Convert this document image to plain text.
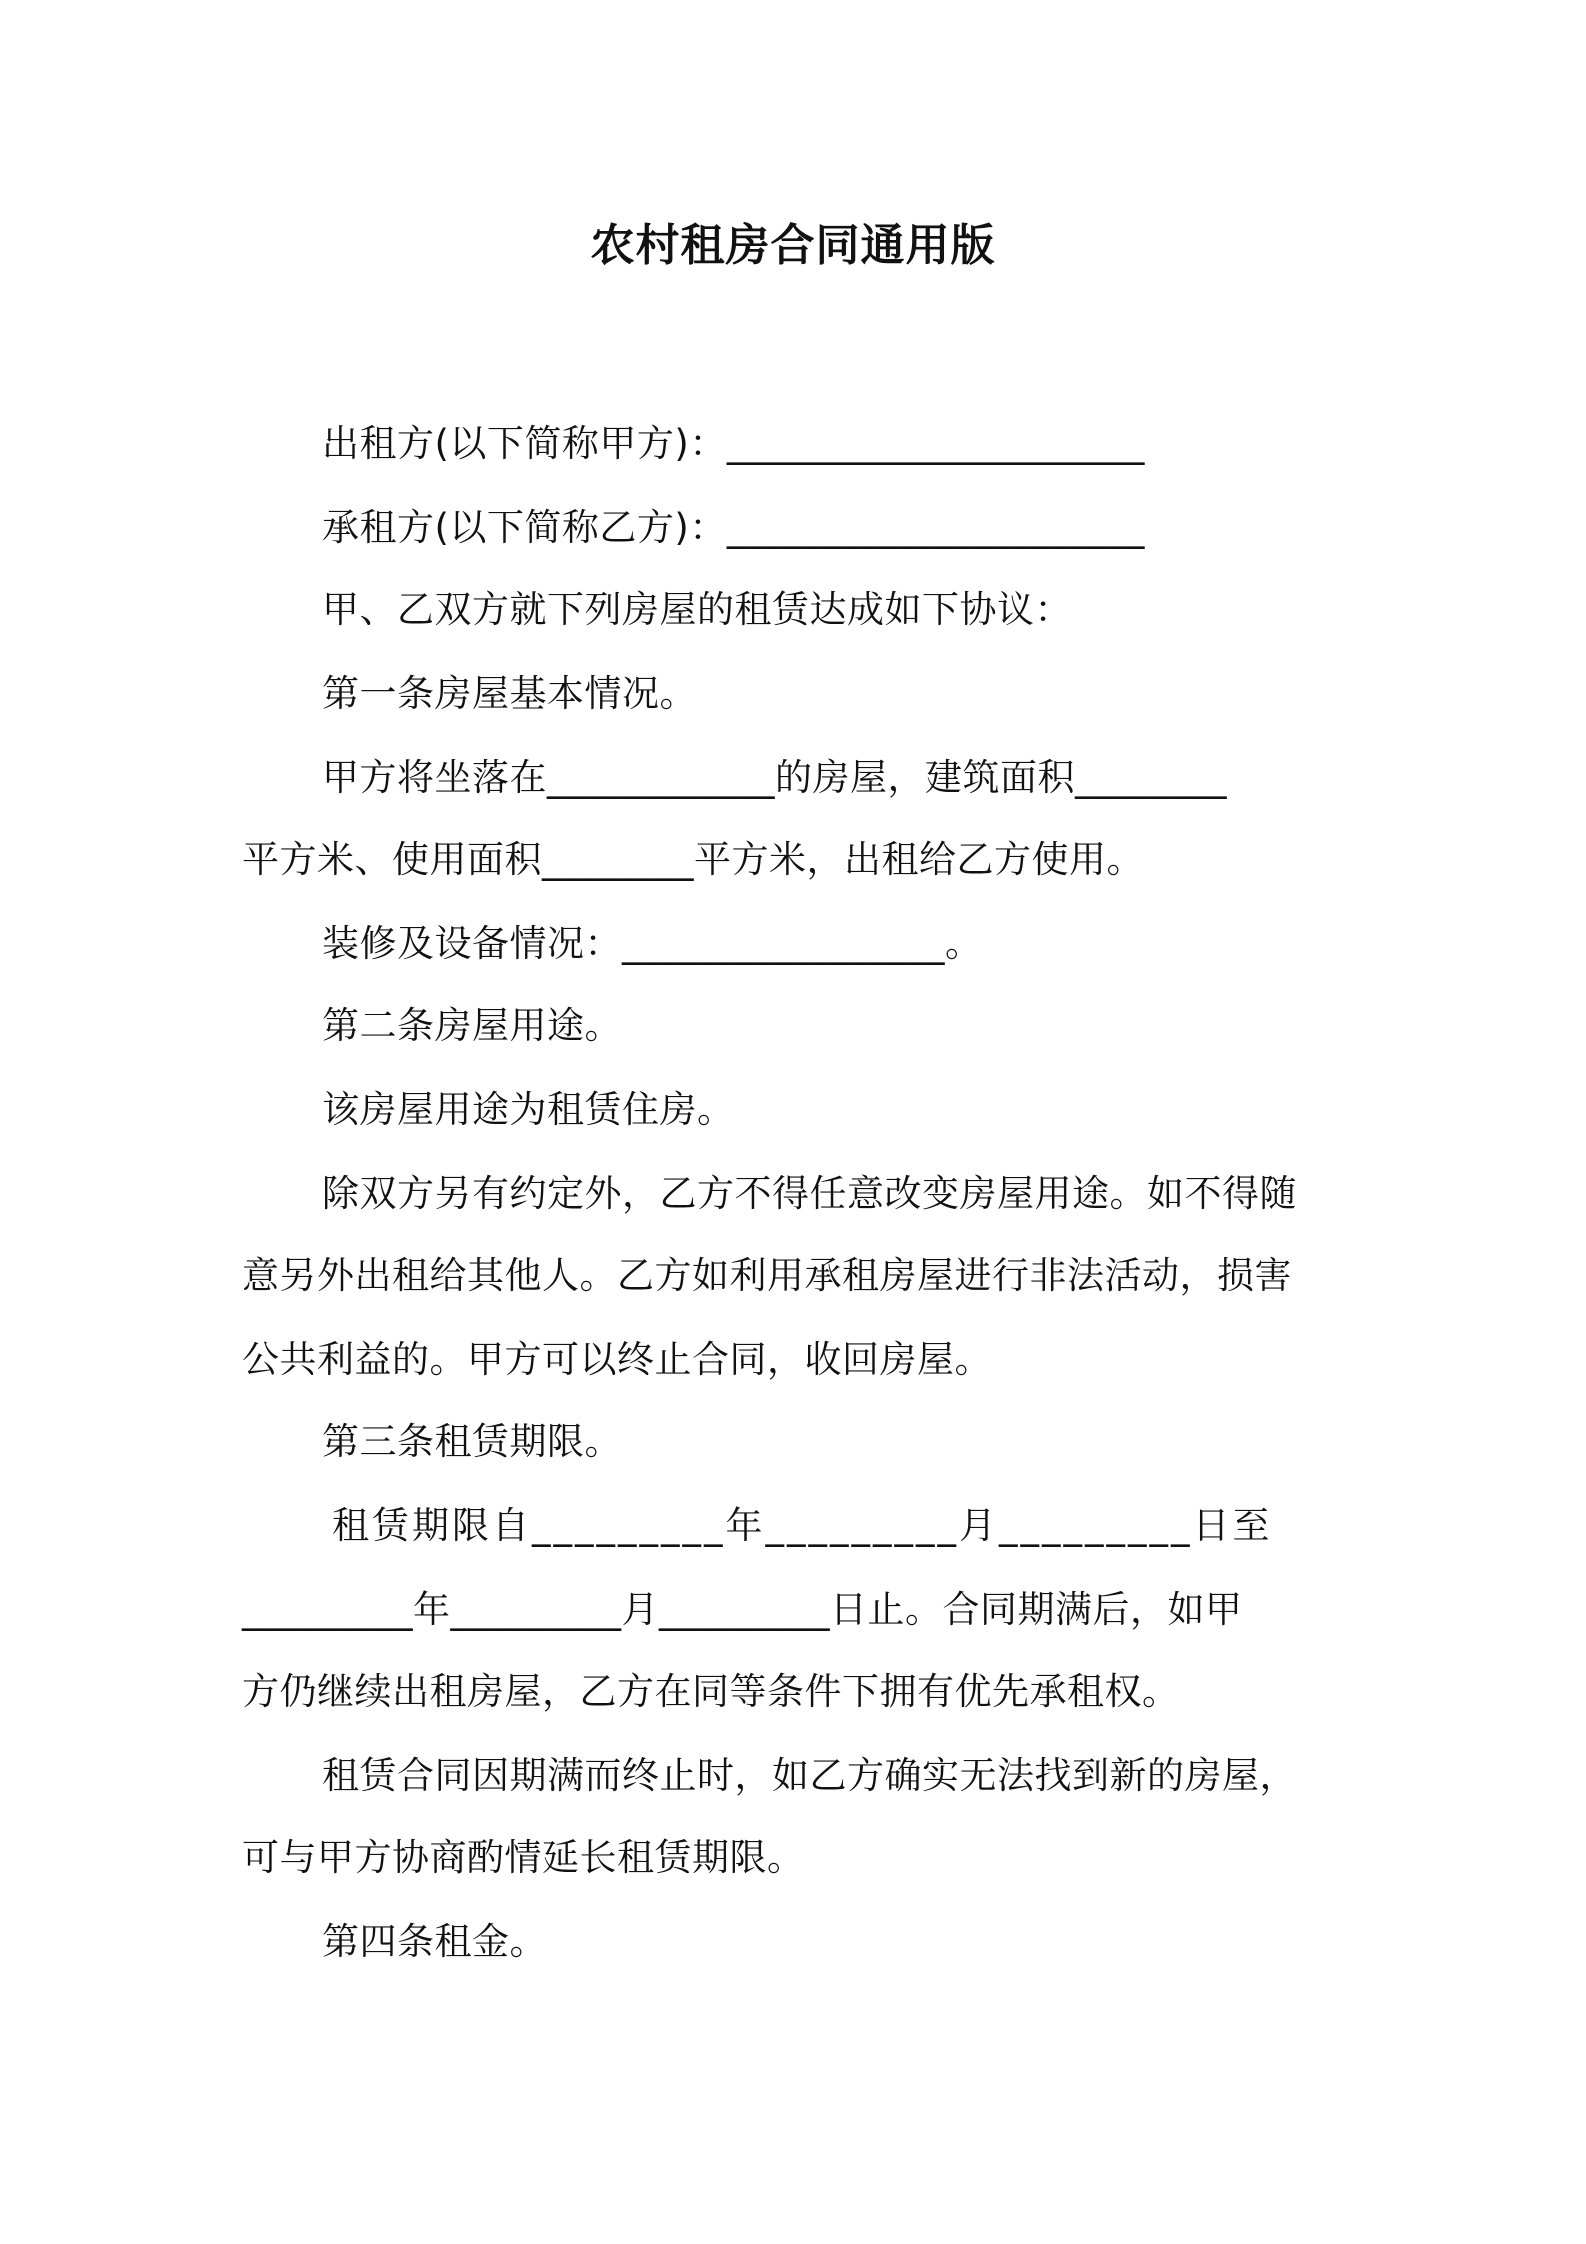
农村租房合同通用版
出租方(以下简称甲方)：______________________
承租方(以下简称乙方)：______________________
甲、乙双方就下列房屋的租赁达成如下协议：
第一条房屋基本情况。
甲方将坐落在____________的房屋，建筑面积________
平方米、使用面积________平方米，出租给乙方使用。
装修及设备情况：_________________。
第二条房屋用途。
该房屋用途为租赁住房。
除双方另有约定外，乙方不得任意改变房屋用途。如不得随
意另外出租给其他人。乙方如利用承租房屋进行非法活动，损害
公共利益的。甲方可以终止合同，收回房屋。
第三条租赁期限。
租赁期限自_________年_________月_________日至
_________年_________月_________日止。合同期满后，如甲
方仍继续出租房屋，乙方在同等条件下拥有优先承租权。
租赁合同因期满而终止时，如乙方确实无法找到新的房屋，
可与甲方协商酌情延长租赁期限。
第四条租金。
